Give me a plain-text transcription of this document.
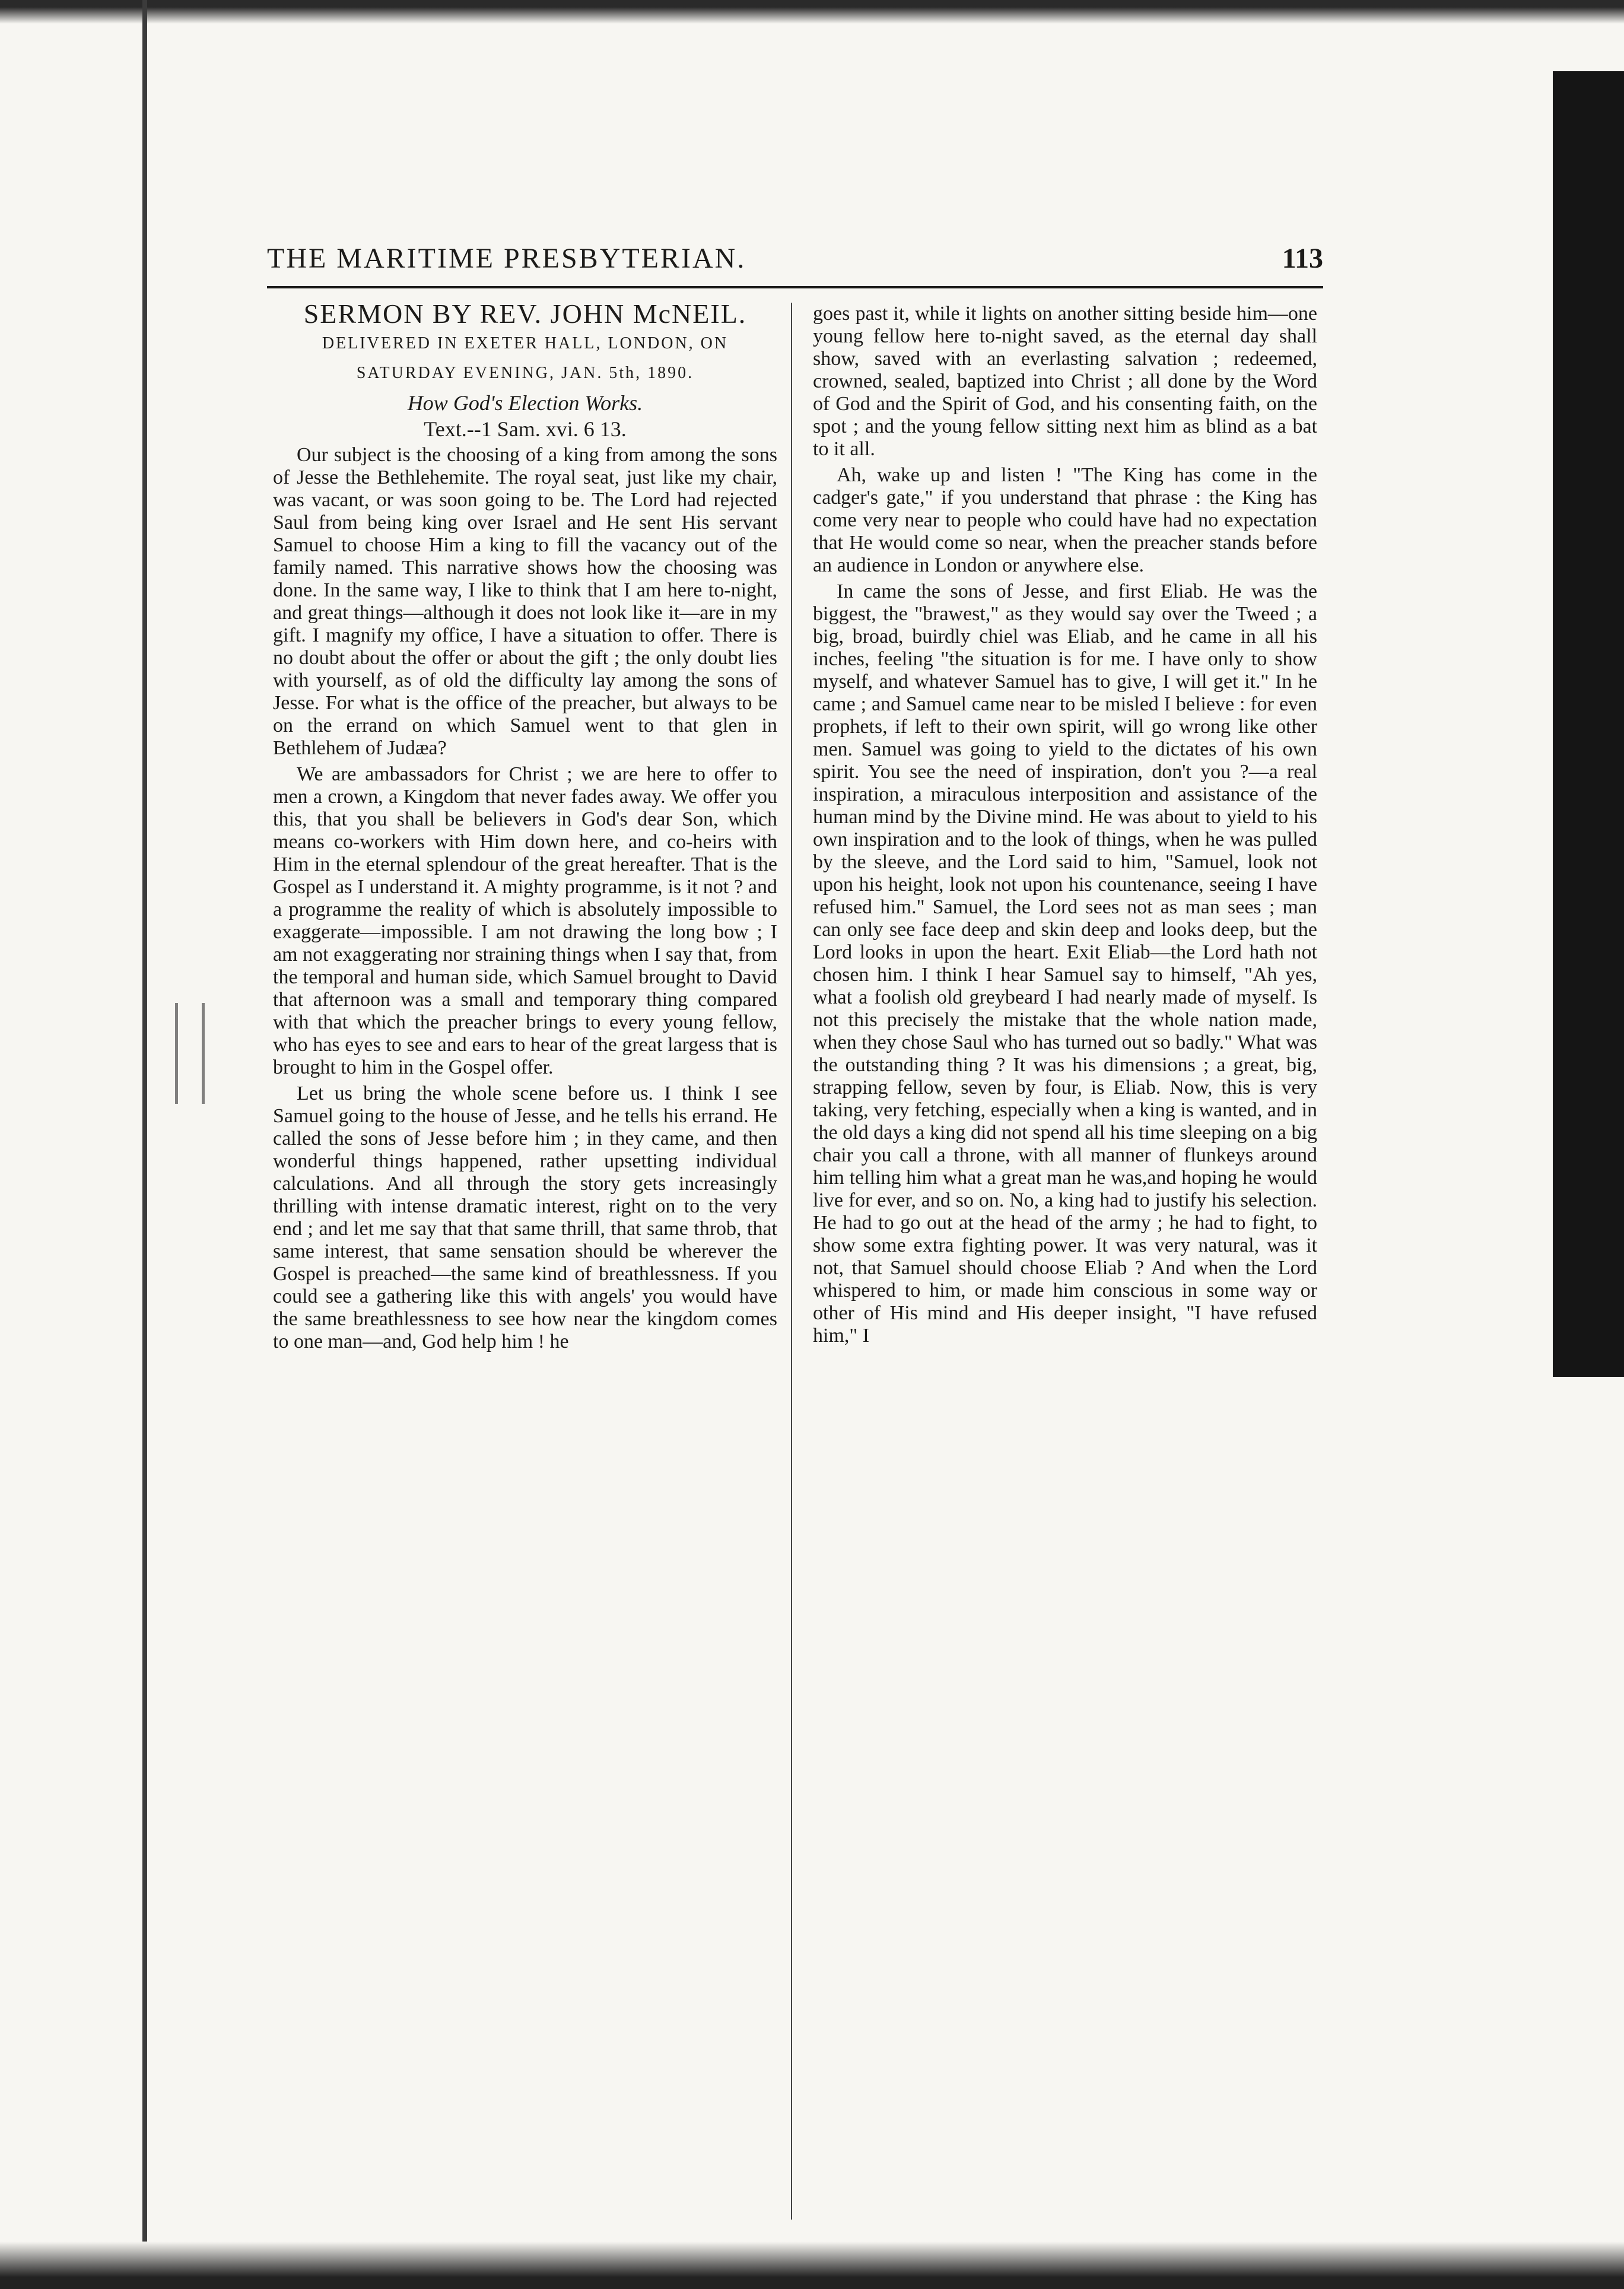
THE MARITIME PRESBYTERIAN.	113

SERMON BY REV. JOHN McNEIL.

DELIVERED IN EXETER HALL, LONDON, ON SATURDAY EVENING, JAN. 5th, 1890.

How God's Election Works.

Text.--1 Sam. xvi. 6 13.

Our subject is the choosing of a king from among the sons of Jesse the Bethlehemite. The royal seat, just like my chair, was vacant, or was soon going to be. The Lord had rejected Saul from being king over Israel and He sent His servant Samuel to choose Him a king to fill the vacancy out of the family named. This narrative shows how the choosing was done. In the same way, I like to think that I am here to-night, and great things—although it does not look like it—are in my gift. I magnify my office, I have a situation to offer. There is no doubt about the offer or about the gift ; the only doubt lies with yourself, as of old the difficulty lay among the sons of Jesse. For what is the office of the preacher, but always to be on the errand on which Samuel went to that glen in Bethlehem of Judæa?

We are ambassadors for Christ ; we are here to offer to men a crown, a Kingdom that never fades away. We offer you this, that you shall be believers in God's dear Son, which means co-workers with Him down here, and co-heirs with Him in the eternal splendour of the great hereafter. That is the Gospel as I understand it. A mighty programme, is it not ? and a programme the reality of which is absolutely impossible to exaggerate—impossible. I am not drawing the long bow ; I am not exaggerating nor straining things when I say that, from the temporal and human side, which Samuel brought to David that afternoon was a small and temporary thing compared with that which the preacher brings to every young fellow, who has eyes to see and ears to hear of the great largess that is brought to him in the Gospel offer.

Let us bring the whole scene before us. I think I see Samuel going to the house of Jesse, and he tells his errand. He called the sons of Jesse before him ; in they came, and then wonderful things happened, rather upsetting individual calculations. And all through the story gets increasingly thrilling with intense dramatic interest, right on to the very end ; and let me say that that same thrill, that same throb, that same interest, that same sensation should be wherever the Gospel is preached—the same kind of breathlessness. If you could see a gathering like this with angels' you would have the same breathlessness to see how near the kingdom comes to one man—and, God help him ! he

goes past it, while it lights on another sitting beside him—one young fellow here to-night saved, as the eternal day shall show, saved with an everlasting salvation ; redeemed, crowned, sealed, baptized into Christ ; all done by the Word of God and the Spirit of God, and his consenting faith, on the spot ; and the young fellow sitting next him as blind as a bat to it all.

Ah, wake up and listen ! "The King has come in the cadger's gate," if you understand that phrase : the King has come very near to people who could have had no expectation that He would come so near, when the preacher stands before an audience in London or anywhere else.

In came the sons of Jesse, and first Eliab. He was the biggest, the "brawest," as they would say over the Tweed ; a big, broad, buirdly chiel was Eliab, and he came in all his inches, feeling "the situation is for me. I have only to show myself, and whatever Samuel has to give, I will get it." In he came ; and Samuel came near to be misled I believe : for even prophets, if left to their own spirit, will go wrong like other men. Samuel was going to yield to the dictates of his own spirit. You see the need of inspiration, don't you ?—a real inspiration, a miraculous interposition and assistance of the human mind by the Divine mind. He was about to yield to his own inspiration and to the look of things, when he was pulled by the sleeve, and the Lord said to him, "Samuel, look not upon his height, look not upon his countenance, seeing I have refused him." Samuel, the Lord sees not as man sees ; man can only see face deep and skin deep and looks deep, but the Lord looks in upon the heart. Exit Eliab—the Lord hath not chosen him. I think I hear Samuel say to himself, "Ah yes, what a foolish old greybeard I had nearly made of myself. Is not this precisely the mistake that the whole nation made, when they chose Saul who has turned out so badly." What was the outstanding thing ? It was his dimensions ; a great, big, strapping fellow, seven by four, is Eliab. Now, this is very taking, very fetching, especially when a king is wanted, and in the old days a king did not spend all his time sleeping on a big chair you call a throne, with all manner of flunkeys around him telling him what a great man he was,and hoping he would live for ever, and so on. No, a king had to justify his selection. He had to go out at the head of the army ; he had to fight, to show some extra fighting power. It was very natural, was it not, that Samuel should choose Eliab ? And when the Lord whispered to him, or made him conscious in some way or other of His mind and His deeper insight, "I have refused him," I
